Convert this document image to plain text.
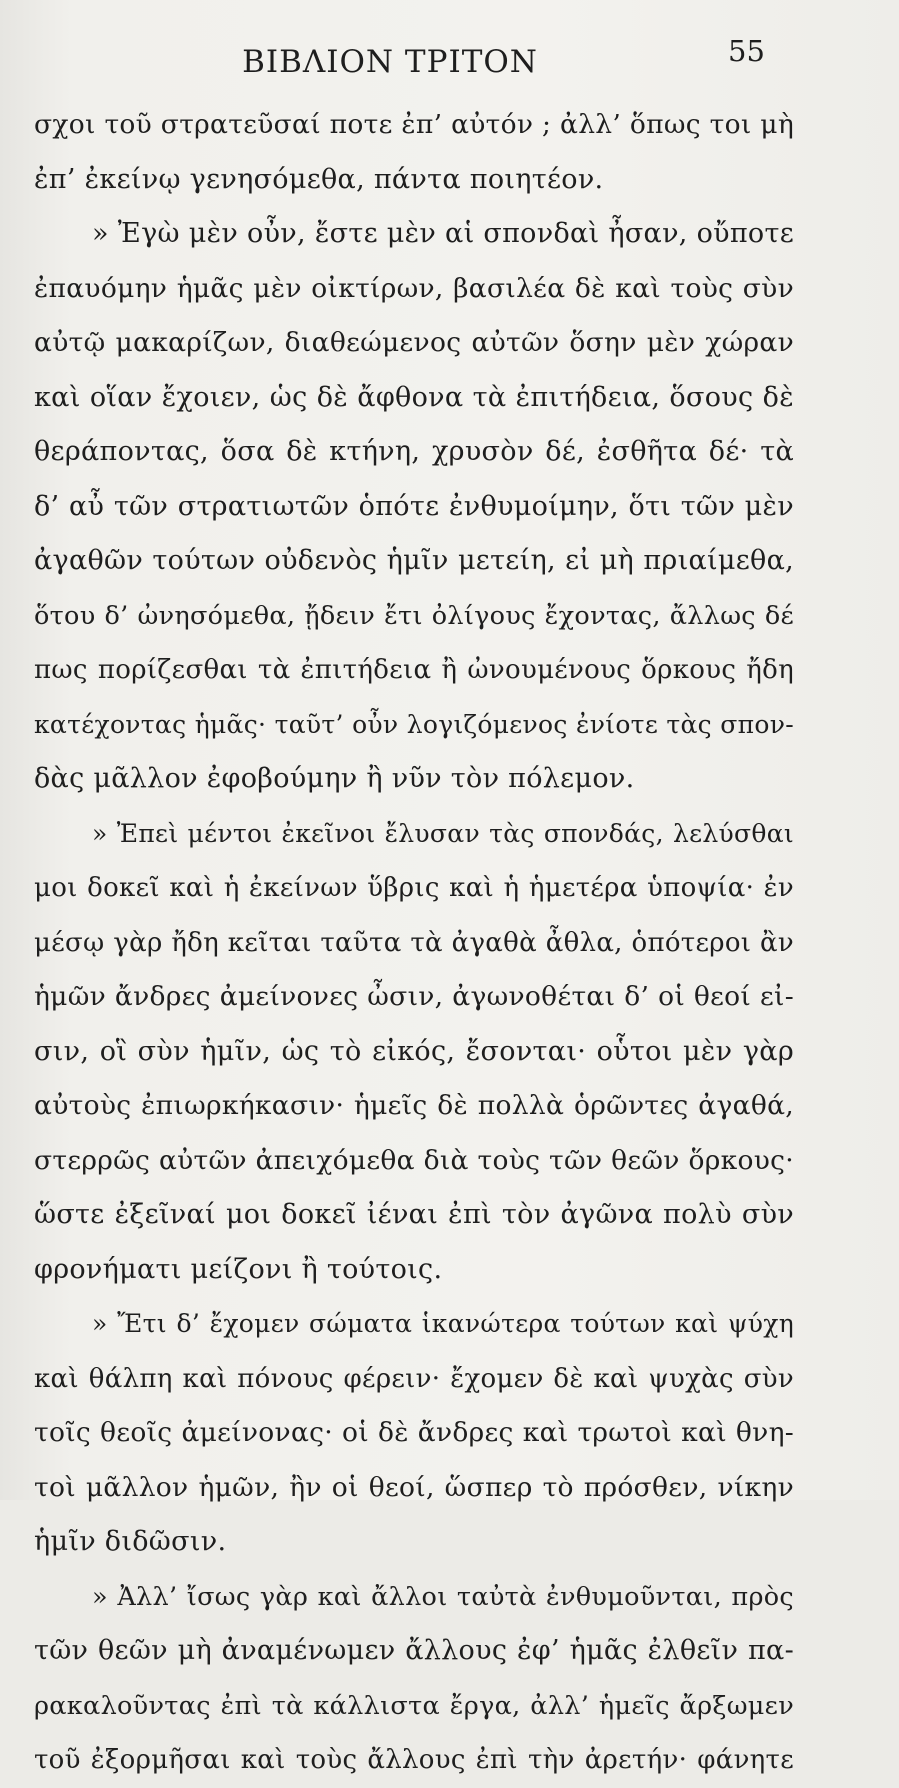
ΒΙΒΛΙΟΝ ΤΡΙΤΟΝ	55
σχοι τοῦ στρατεῦσαί ποτε ἐπ’ αὐτόν ; ἀλλ’ ὅπως τοι μὴ
ἐπ’ ἐκείνῳ γενησόμεθα, πάντα ποιητέον.
» Ἐγὼ μὲν οὖν, ἔστε μὲν αἱ σπονδαὶ ἦσαν, οὔποτε
ἐπαυόμην ἡμᾶς μὲν οἰκτίρων, βασιλέα δὲ καὶ τοὺς σὺν
αὐτῷ μακαρίζων, διαθεώμενος αὐτῶν ὅσην μὲν χώραν
καὶ οἵαν ἔχοιεν, ὡς δὲ ἄφθονα τὰ ἐπιτήδεια, ὅσους δὲ
θεράποντας, ὅσα δὲ κτήνη, χρυσὸν δέ, ἐσθῆτα δέ· τὰ
δ’ αὖ τῶν στρατιωτῶν ὁπότε ἐνθυμοίμην, ὅτι τῶν μὲν
ἀγαθῶν τούτων οὐδενὸς ἡμῖν μετείη, εἰ μὴ πριαίμεθα,
ὅτου δ’ ὠνησόμεθα, ᾔδειν ἔτι ὀλίγους ἔχοντας, ἄλλως δέ
πως πορίζεσθαι τὰ ἐπιτήδεια ἢ ὠνουμένους ὅρκους ἤδη
κατέχοντας ἡμᾶς· ταῦτ’ οὖν λογιζόμενος ἐνίοτε τὰς σπον-
δὰς μᾶλλον ἐφοβούμην ἢ νῦν τὸν πόλεμον.
» Ἐπεὶ μέντοι ἐκεῖνοι ἔλυσαν τὰς σπονδάς, λελύσθαι
μοι δοκεῖ καὶ ἡ ἐκείνων ὕβρις καὶ ἡ ἡμετέρα ὑποψία· ἐν
μέσῳ γὰρ ἤδη κεῖται ταῦτα τὰ ἀγαθὰ ἆθλα, ὁπότεροι ἂν
ἡμῶν ἄνδρες ἀμείνονες ὦσιν, ἀγωνοθέται δ’ οἱ θεοί εἰ-
σιν, οἳ σὺν ἡμῖν, ὡς τὸ εἰκός, ἔσονται· οὗτοι μὲν γὰρ
αὐτοὺς ἐπιωρκήκασιν· ἡμεῖς δὲ πολλὰ ὁρῶντες ἀγαθά,
στερρῶς αὐτῶν ἀπειχόμεθα διὰ τοὺς τῶν θεῶν ὅρκους·
ὥστε ἐξεῖναί μοι δοκεῖ ἰέναι ἐπὶ τὸν ἀγῶνα πολὺ σὺν
φρονήματι μείζονι ἢ τούτοις.
» Ἔτι δ’ ἔχομεν σώματα ἱκανώτερα τούτων καὶ ψύχη
καὶ θάλπη καὶ πόνους φέρειν· ἔχομεν δὲ καὶ ψυχὰς σὺν
τοῖς θεοῖς ἀμείνονας· οἱ δὲ ἄνδρες καὶ τρωτοὶ καὶ θνη-
τοὶ μᾶλλον ἡμῶν, ἢν οἱ θεοί, ὥσπερ τὸ πρόσθεν, νίκην
ἡμῖν διδῶσιν.
» Ἀλλ’ ἴσως γὰρ καὶ ἄλλοι ταὐτὰ ἐνθυμοῦνται, πρὸς
τῶν θεῶν μὴ ἀναμένωμεν ἄλλους ἐφ’ ἡμᾶς ἐλθεῖν πα-
ρακαλοῦντας ἐπὶ τὰ κάλλιστα ἔργα, ἀλλ’ ἡμεῖς ἄρξωμεν
τοῦ ἐξορμῆσαι καὶ τοὺς ἄλλους ἐπὶ τὴν ἀρετήν· φάνητε
